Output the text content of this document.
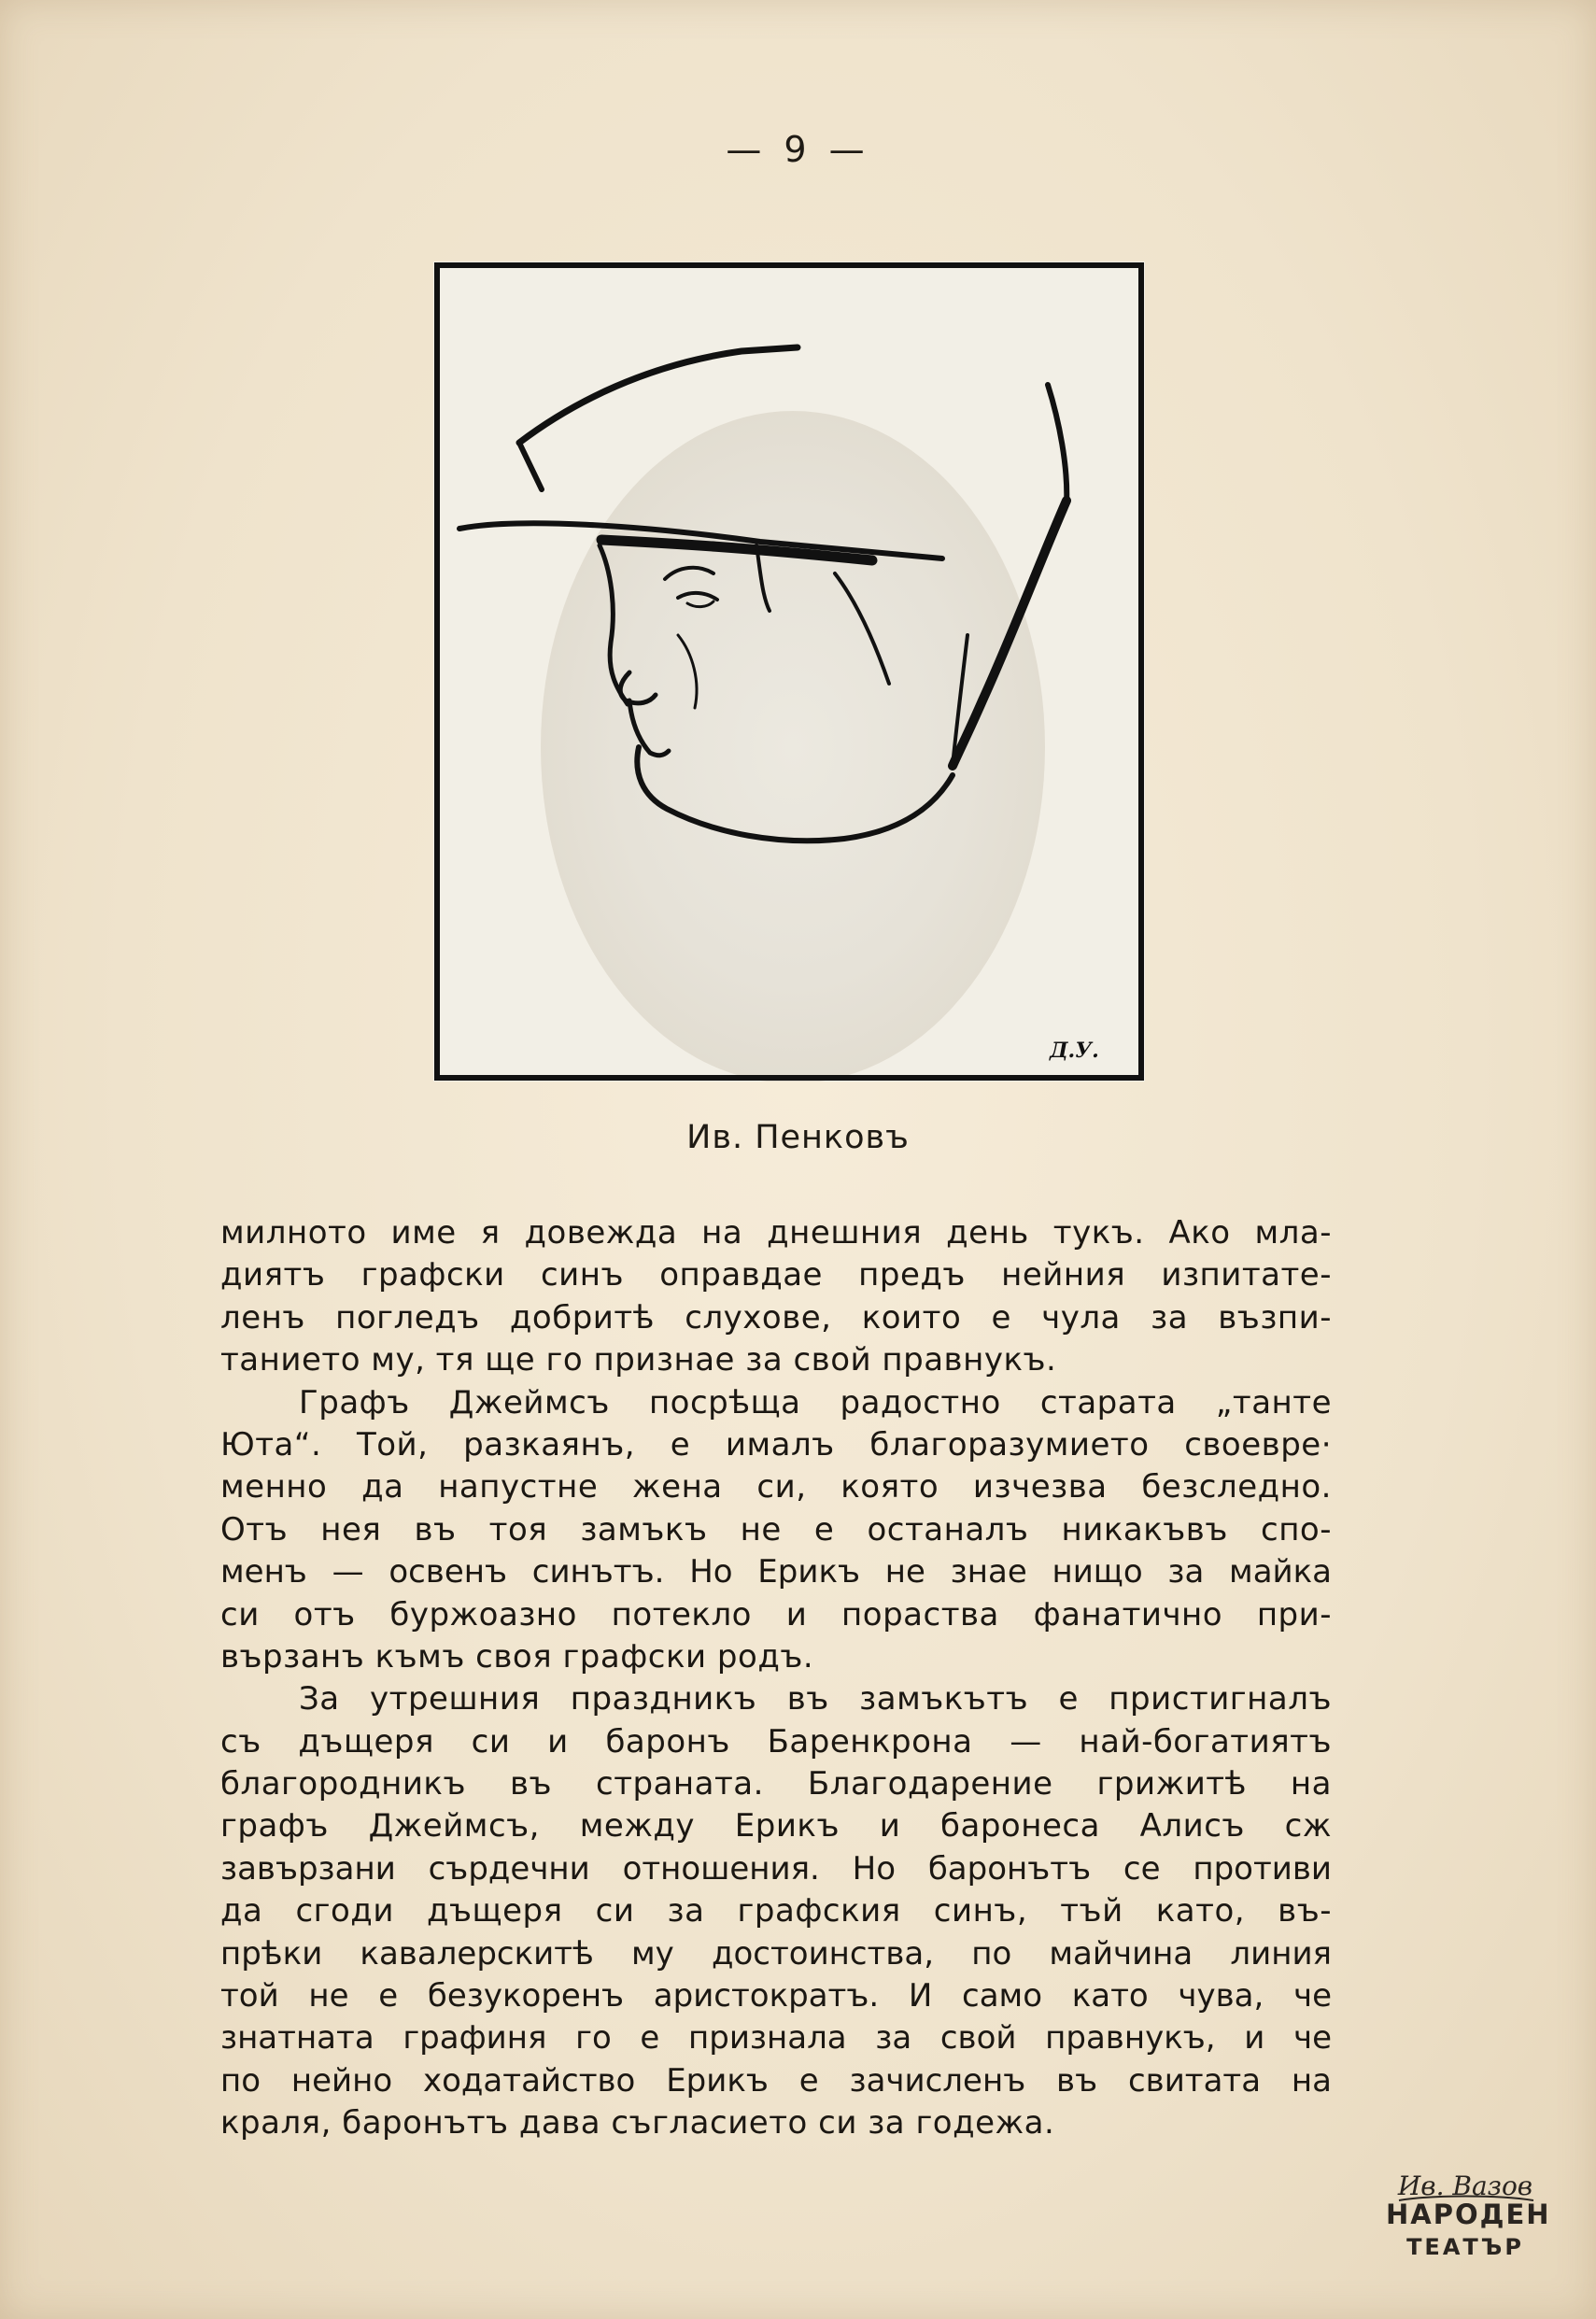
— 9 —
Д.У.
Ив. Пенковъ
милното име я довежда на днешния день тукъ. Ако мла-
диятъ графски синъ оправдае предъ нейния изпитате-
ленъ погледъ добритѣ слухове, които е чула за възпи-
танието му, тя ще го признае за свой правнукъ.
Графъ Джеймсъ посрѣща радостно старата „танте
Юта“. Той, разкаянъ, е ималъ благоразумието своевре·
менно да напустне жена си, която изчезва безследно.
Отъ нея въ тоя замъкъ не е останалъ никакъвъ спо-
менъ — освенъ синътъ. Но Ерикъ не знае нищо за майка
си отъ буржоазно потекло и пораства фанатично при-
вързанъ къмъ своя графски родъ.
За утрешния праздникъ въ замъкътъ е пристигналъ
съ дъщеря си и баронъ Баренкрона — най-богатиятъ
благородникъ въ страната. Благодарение грижитѣ на
графъ Джеймсъ, между Ерикъ и баронеса Алисъ сж
завързани сърдечни отношения. Но баронътъ се противи
да сгоди дъщеря си за графския синъ, тъй като, въ-
прѣки кавалерскитѣ му достоинства, по майчина линия
той не е безукоренъ аристократъ. И само като чува, че
знатната графиня го е признала за свой правнукъ, и че
по нейно ходатайство Ерикъ е зачисленъ въ свитата на
краля, баронътъ дава съгласието си за годежа.
Ив. Вазов
НАРОДЕН
ТЕАТЪР
